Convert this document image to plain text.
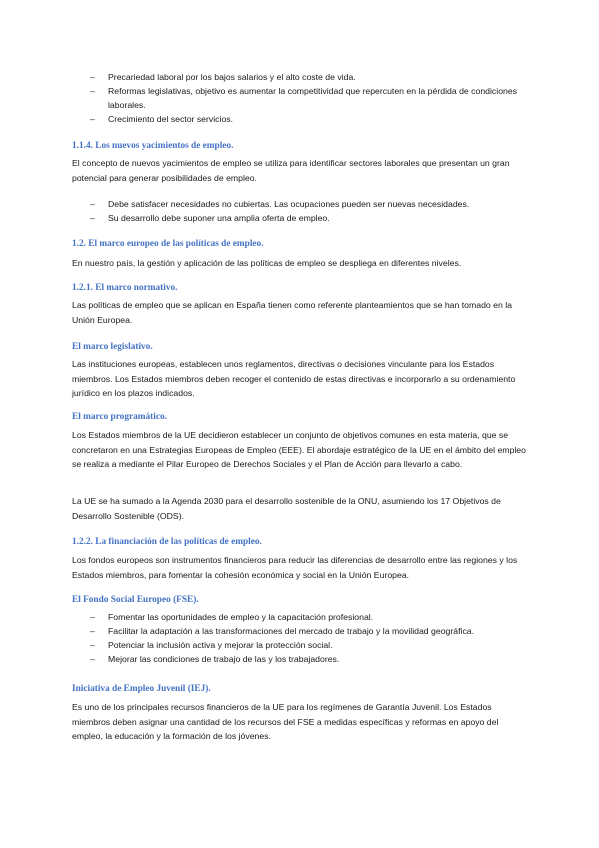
– Precariedad laboral por los bajos salarios y el alto coste de vida.
– Reformas legislativas, objetivo es aumentar la competitividad que repercuten en la pérdida de condiciones laborales.
– Crecimiento del sector servicios.
1.1.4. Los nuevos yacimientos de empleo.

El concepto de nuevos yacimientos de empleo se utiliza para identificar sectores laborales que presentan un gran potencial para generar posibilidades de empleo.

– Debe satisfacer necesidades no cubiertas. Las ocupaciones pueden ser nuevas necesidades.
– Su desarrollo debe suponer una amplia oferta de empleo.
1.2. El marco europeo de las políticas de empleo.

En nuestro país, la gestión y aplicación de las políticas de empleo se despliega en diferentes niveles.

1.2.1. El marco normativo.

Las políticas de empleo que se aplican en España tienen como referente planteamientos que se han tomado en la Unión Europea.

El marco legislativo.

Las instituciones europeas, establecen unos reglamentos, directivas o decisiones vinculante para los Estados miembros. Los Estados miembros deben recoger el contenido de estas directivas e incorporarlo a su ordenamiento jurídico en los plazos indicados.

El marco programático.

Los Estados miembros de la UE decidieron establecer un conjunto de objetivos comunes en esta materia, que se concretaron en una Estrategias Europeas de Empleo (EEE). El abordaje estratégico de la UE en el ámbito del empleo se realiza a mediante el Pilar Europeo de Derechos Sociales y el Plan de Acción para llevarlo a cabo.

La UE se ha sumado a la Agenda 2030 para el desarrollo sostenible de la ONU, asumiendo los 17 Objetivos de Desarrollo Sostenible (ODS).

1.2.2. La financiación de las políticas de empleo.

Los fondos europeos son instrumentos financieros para reducir las diferencias de desarrollo entre las regiones y los Estados miembros, para fomentar la cohesión económica y social en la Unión Europea.

El Fondo Social Europeo (FSE).
– Fomentar las oportunidades de empleo y la capacitación profesional.
– Facilitar la adaptación a las transformaciones del mercado de trabajo y la movilidad geográfica.
– Potenciar la inclusión activa y mejorar la protección social.
– Mejorar las condiciones de trabajo de las y los trabajadores.
Iniciativa de Empleo Juvenil (IEJ).

Es uno de los principales recursos financieros de la UE para los regímenes de Garantía Juvenil. Los Estados miembros deben asignar una cantidad de los recursos del FSE a medidas específicas y reformas en apoyo del empleo, la educación y la formación de los jóvenes.
